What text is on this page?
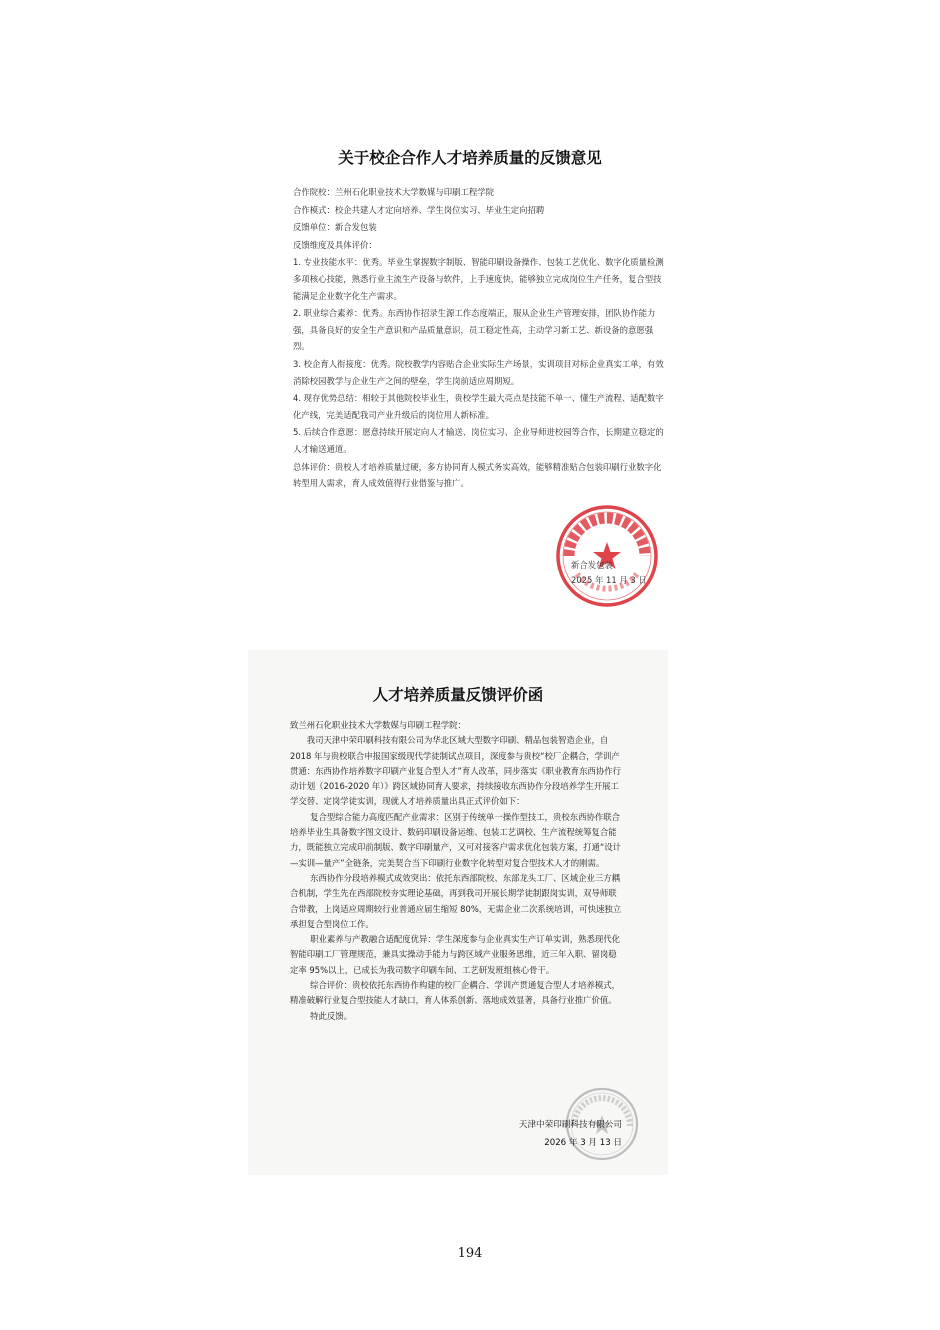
关于校企合作人才培养质量的反馈意见

合作院校：兰州石化职业技术大学数媒与印刷工程学院

合作模式：校企共建人才定向培养、学生岗位实习、毕业生定向招聘

反馈单位：新合发包装

反馈维度及具体评价：

1. 专业技能水平：优秀。毕业生掌握数字制版、智能印刷设备操作、包装工艺优化、数字化质量检测多项核心技能，熟悉行业主流生产设备与软件，上手速度快，能够独立完成岗位生产任务，复合型技能满足企业数字化生产需求。

2. 职业综合素养：优秀。东西协作招录生源工作态度端正，服从企业生产管理安排，团队协作能力强，具备良好的安全生产意识和产品质量意识，员工稳定性高，主动学习新工艺、新设备的意愿强烈。

3. 校企育人衔接度：优秀。院校教学内容贴合企业实际生产场景，实训项目对标企业真实工单，有效消除校园教学与企业生产之间的壁垒，学生岗前适应周期短。

4. 现存优势总结：相较于其他院校毕业生，贵校学生最大亮点是技能不单一、懂生产流程、适配数字化产线，完美适配我司产业升级后的岗位用人新标准。

5. 后续合作意愿：愿意持续开展定向人才输送、岗位实习、企业导师进校园等合作，长期建立稳定的人才输送通道。

总体评价：贵校人才培养质量过硬，多方协同育人模式务实高效，能够精准贴合包装印刷行业数字化转型用人需求，育人成效值得行业借鉴与推广。

新合发包装
2025 年 11 月 3 日
人才培养质量反馈评价函

致兰州石化职业技术大学数媒与印刷工程学院：

我司天津中荣印刷科技有限公司为华北区域大型数字印刷、精品包装智造企业，自 2018 年与贵校联合申报国家级现代学徒制试点项目，深度参与贵校“校厂企耦合，学训产贯通：东西协作培养数字印刷产业复合型人才”育人改革，同步落实《职业教育东西协作行动计划（2016-2020 年）》跨区域协同育人要求，持续接收东西协作分段培养学生开展工学交替、定岗学徒实训，现就人才培养质量出具正式评价如下：

复合型综合能力高度匹配产业需求：区别于传统单一操作型技工，贵校东西协作联合培养毕业生具备数字图文设计、数码印刷设备运维、包装工艺调校、生产流程统筹复合能力，既能独立完成印前制版、数字印刷量产，又可对接客户需求优化包装方案，打通“设计—实训—量产”全链条，完美契合当下印刷行业数字化转型对复合型技术人才的刚需。

东西协作分段培养模式成效突出：依托东西部院校、东部龙头工厂、区域企业三方耦合机制，学生先在西部院校夯实理论基础，再到我司开展长期学徒制跟岗实训，双导师联合带教，上岗适应周期较行业普通应届生缩短 80%，无需企业二次系统培训，可快速独立承担复合型岗位工作。

职业素养与产教融合适配度优异：学生深度参与企业真实生产订单实训，熟悉现代化智能印刷工厂管理规范，兼具实操动手能力与跨区域产业服务思维，近三年入职、留岗稳定率 95%以上，已成长为我司数字印刷车间、工艺研发班组核心骨干。

综合评价：贵校依托东西协作构建的校厂企耦合、学训产贯通复合型人才培养模式，精准破解行业复合型技能人才缺口，育人体系创新、落地成效显著，具备行业推广价值。

特此反馈。

天津中荣印刷科技有限公司
2026 年 3 月 13 日
194
